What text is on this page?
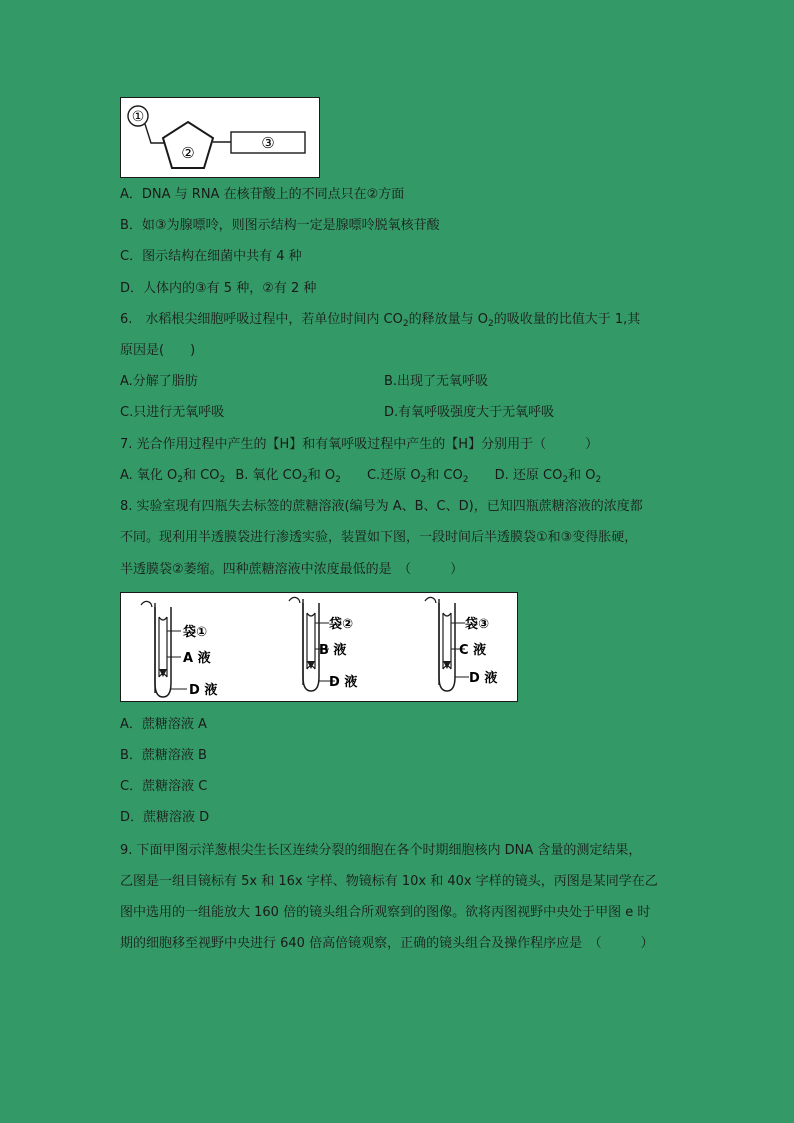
①
②
③
A．DNA 与 RNA 在核苷酸上的不同点只在②方面
B．如③为腺嘌呤，则图示结构一定是腺嘌呤脱氧核苷酸
C．图示结构在细菌中共有 4 种
D．人体内的③有 5 种，②有 2 种
6.　水稻根尖细胞呼吸过程中，若单位时间内 $CO_2$的释放量与 $O_2$的吸收量的比值大于 1,其
原因是(　　)
A.分解了脂肪	B.出现了无氧呼吸
C.只进行无氧呼吸	D.有氧呼吸强度大于无氧呼吸
7. 光合作用过程中产生的【H】和有氧呼吸过程中产生的【H】分别用于（　　　）
A. 氧化 $O_2$和 $CO_2$ B. 氧化 $CO_2$和 $O_2$ C.还原 $O_2$和 $CO_2$ D. 还原 $CO_2$和 $O_2$
8. 实验室现有四瓶失去标签的蔗糖溶液(编号为 A、B、C、D)，已知四瓶蔗糖溶液的浓度都
不同。现利用半透膜袋进行渗透实验，装置如下图，一段时间后半透膜袋①和③变得胀硬，
半透膜袋②萎缩。四种蔗糖溶液中浓度最低的是　（　　　）
袋①
A 液
D 液
袋②
B 液
D 液
袋③
C 液
D 液
A．蔗糖溶液 A
B．蔗糖溶液 B
C．蔗糖溶液 C
D．蔗糖溶液 D
9. 下面甲图示洋葱根尖生长区连续分裂的细胞在各个时期细胞核内 DNA 含量的测定结果，
乙图是一组目镜标有 5x 和 16x 字样、物镜标有 10x 和 40x 字样的镜头，丙图是某同学在乙
图中选用的一组能放大 160 倍的镜头组合所观察到的图像。欲将丙图视野中央处于甲图 e 时
期的细胞移至视野中央进行 640 倍高倍镜观察，正确的镜头组合及操作程序应是　（　　　）
